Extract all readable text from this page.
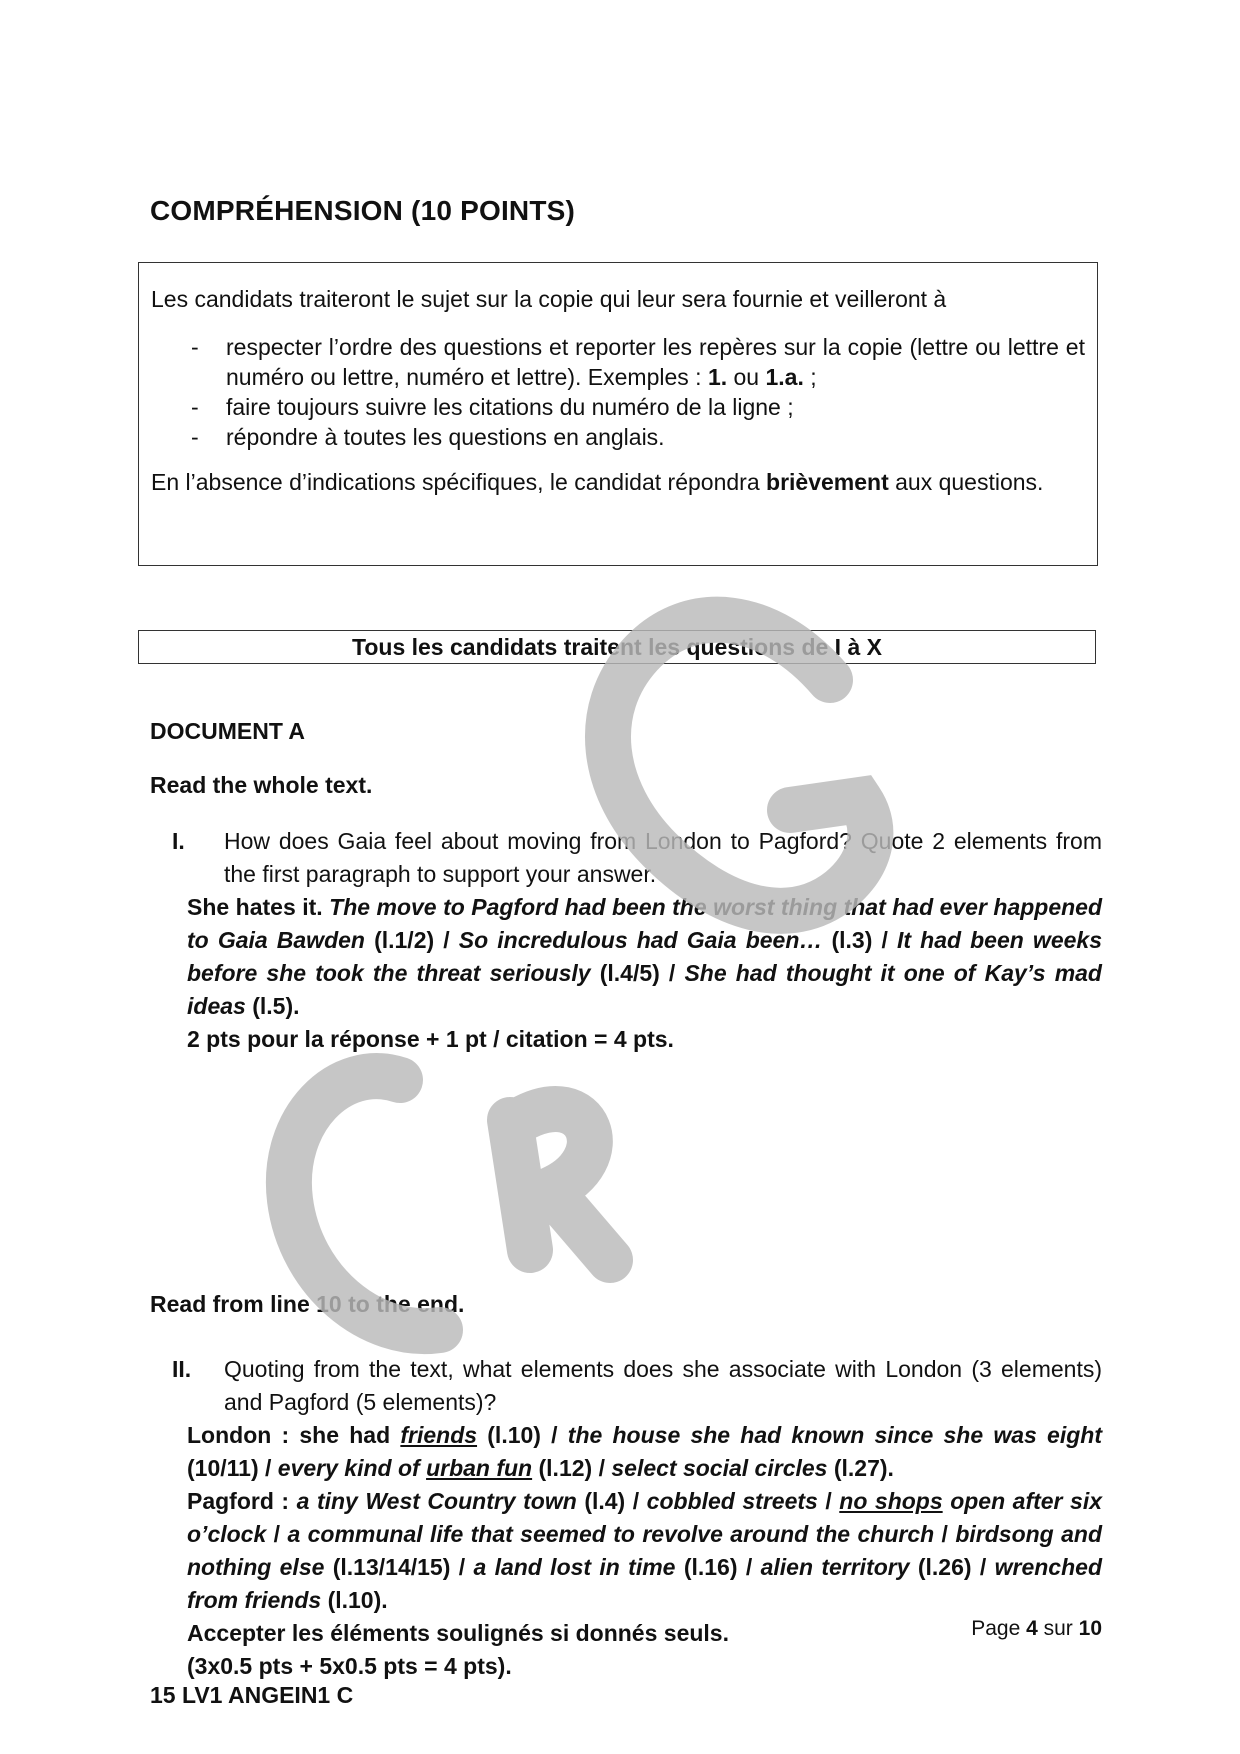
COMPRÉHENSION (10 POINTS)

Les candidats traiteront le sujet sur la copie qui leur sera fournie et veilleront à

- respecter l’ordre des questions et reporter les repères sur la copie (lettre ou lettre et numéro ou lettre, numéro et lettre). Exemples : 1. ou 1.a. ;
- faire toujours suivre les citations du numéro de la ligne ;
- répondre à toutes les questions en anglais.

En l’absence d’indications spécifiques, le candidat répondra brièvement aux questions.

Tous les candidats traitent les questions de I à X
DOCUMENT A
Read the whole text.
I. How does Gaia feel about moving from London to Pagford? Quote 2 elements from the first paragraph to support your answer.
She hates it. The move to Pagford had been the worst thing that had ever happened to Gaia Bawden (l.1/2) / So incredulous had Gaia been… (l.3) / It had been weeks before she took the threat seriously (l.4/5) / She had thought it one of Kay’s mad ideas (l.5).
2 pts pour la réponse + 1 pt / citation = 4 pts.
Read from line 10 to the end.
II. Quoting from the text, what elements does she associate with London (3 elements) and Pagford (5 elements)?
London : she had friends (l.10) / the house she had known since she was eight (10/11) / every kind of urban fun (l.12) / select social circles (l.27).
Pagford : a tiny West Country town (l.4) / cobbled streets / no shops open after six o’clock / a communal life that seemed to revolve around the church / birdsong and nothing else (l.13/14/15) / a land lost in time (l.16) / alien territory (l.26) / wrenched from friends (l.10).
Accepter les éléments soulignés si donnés seuls.
(3x0.5 pts + 5x0.5 pts = 4 pts).
Page 4 sur 10
15 LV1 ANGEIN1 C
